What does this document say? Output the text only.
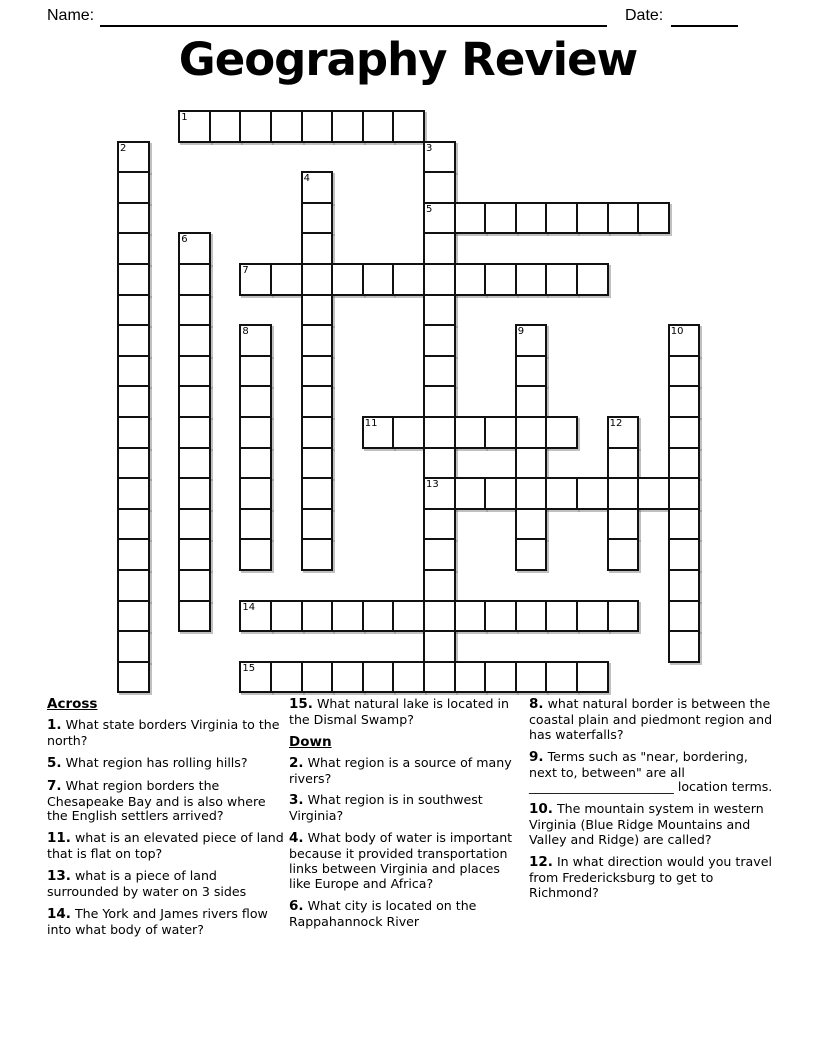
Name:	Date:
Geography Review
1
2	3
4
5
6
7
8	9	10
11	12
13
14
15
Across
1. What state borders Virginia to the north?
5. What region has rolling hills?
7. What region borders the Chesapeake Bay and is also where the English settlers arrived?
11. what is an elevated piece of land that is flat on top?
13. what is a piece of land surrounded by water on 3 sides
14. The York and James rivers flow into what body of water?
15. What natural lake is located in the Dismal Swamp?
Down
2. What region is a source of many rivers?
3. What region is in southwest Virginia?
4. What body of water is important because it provided transportation links between Virginia and places like Europe and Africa?
6. What city is located on the Rappahannock River
8. what natural border is between the coastal plain and piedmont region and has waterfalls?
9. Terms such as "near, bordering, next to, between" are all _______________________ location terms.
10. The mountain system in western Virginia (Blue Ridge Mountains and Valley and Ridge) are called?
12. In what direction would you travel from Fredericksburg to get to Richmond?
